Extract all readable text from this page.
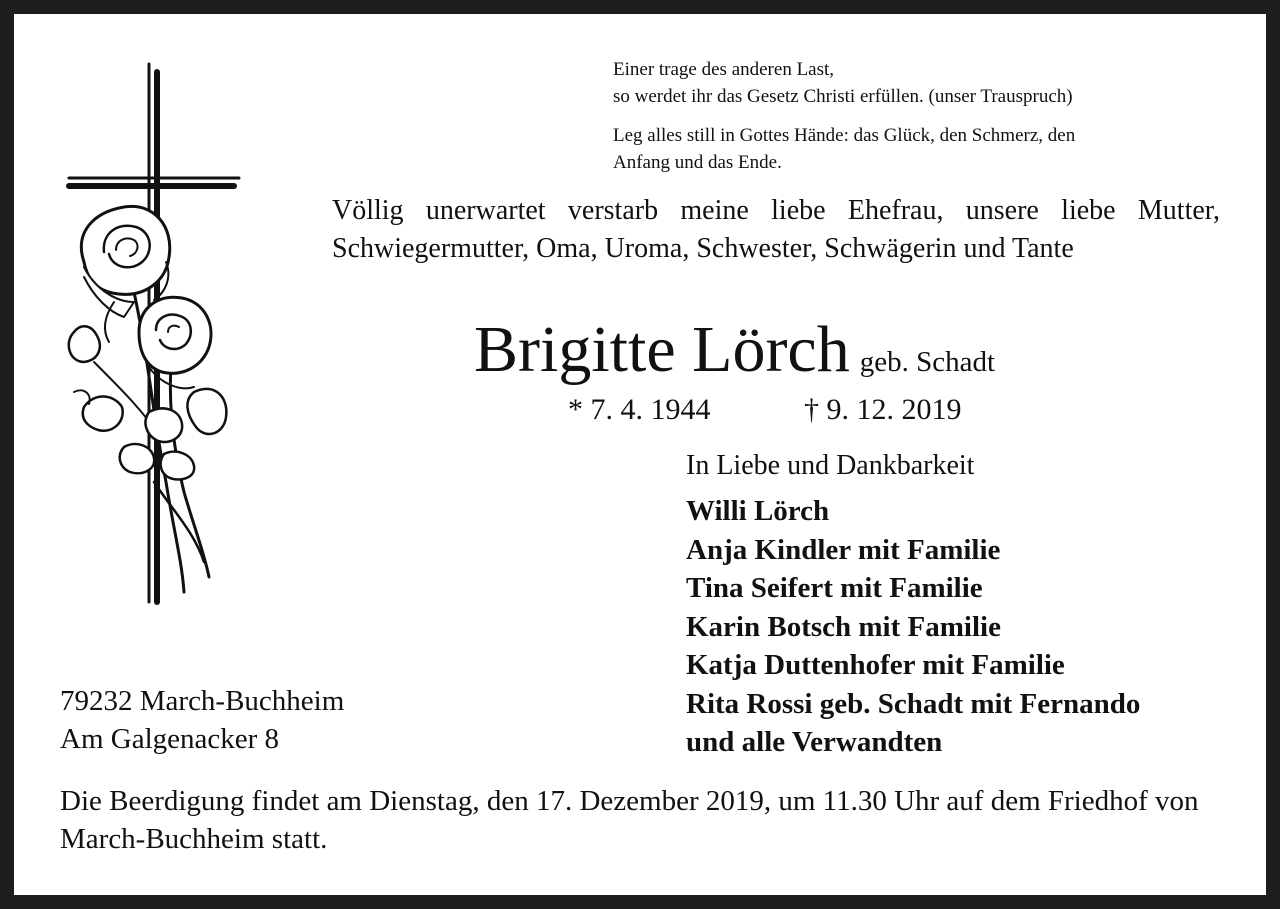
Einer trage des anderen Last,

so werdet ihr das Gesetz Christi erfüllen. (unser Trauspruch)

Leg alles still in Gottes Hände: das Glück, den Schmerz, den

Anfang und das Ende.

Völlig unerwartet verstarb meine liebe Ehefrau, unsere liebe Mutter, Schwiegermutter, Oma, Uroma, Schwester, Schwägerin und Tante

Brigitte Lörch geb. Schadt
* 7. 4. 1944	† 9. 12. 2019

In Liebe und Dankbarkeit

Willi Lörch
Anja Kindler mit Familie
Tina Seifert mit Familie
Karin Botsch mit Familie
Katja Duttenhofer mit Familie
Rita Rossi geb. Schadt mit Fernando
und alle Verwandten
79232 March-Buchheim
Am Galgenacker 8

Die Beerdigung findet am Dienstag, den 17. Dezember 2019, um 11.30 Uhr auf dem Friedhof von March-Buchheim statt.
